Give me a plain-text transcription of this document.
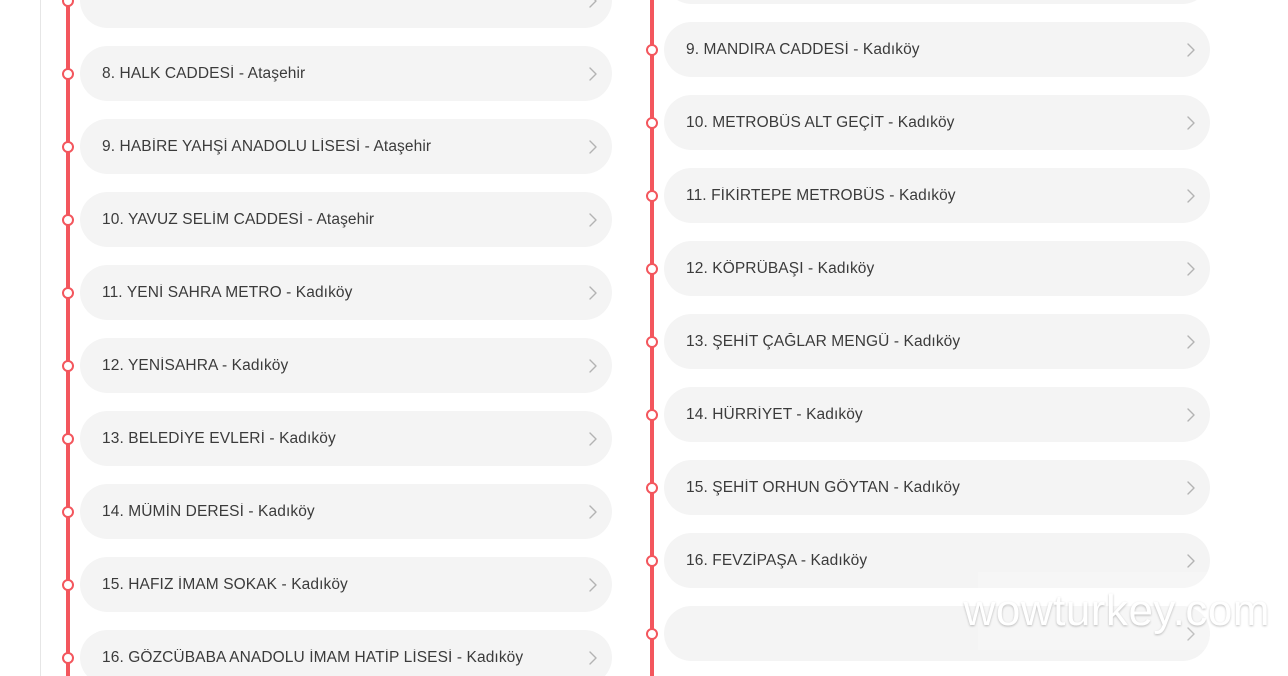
8. HALK CADDESİ - Ataşehir
9. HABİRE YAHŞİ ANADOLU LİSESİ - Ataşehir
10. YAVUZ SELİM CADDESİ - Ataşehir
11. YENİ SAHRA METRO - Kadıköy
12. YENİSAHRA - Kadıköy
13. BELEDİYE EVLERİ - Kadıköy
14. MÜMİN DERESİ - Kadıköy
15. HAFIZ İMAM SOKAK - Kadıköy
16. GÖZCÜBABA ANADOLU İMAM HATİP LİSESİ - Kadıköy
9. MANDIRA CADDESİ - Kadıköy
10. METROBÜS ALT GEÇİT - Kadıköy
11. FİKİRTEPE METROBÜS - Kadıköy
12. KÖPRÜBAŞI - Kadıköy
13. ŞEHİT ÇAĞLAR MENGÜ - Kadıköy
14. HÜRRİYET - Kadıköy
15. ŞEHİT ORHUN GÖYTAN - Kadıköy
16. FEVZİPAŞA - Kadıköy
wowturkey.com
